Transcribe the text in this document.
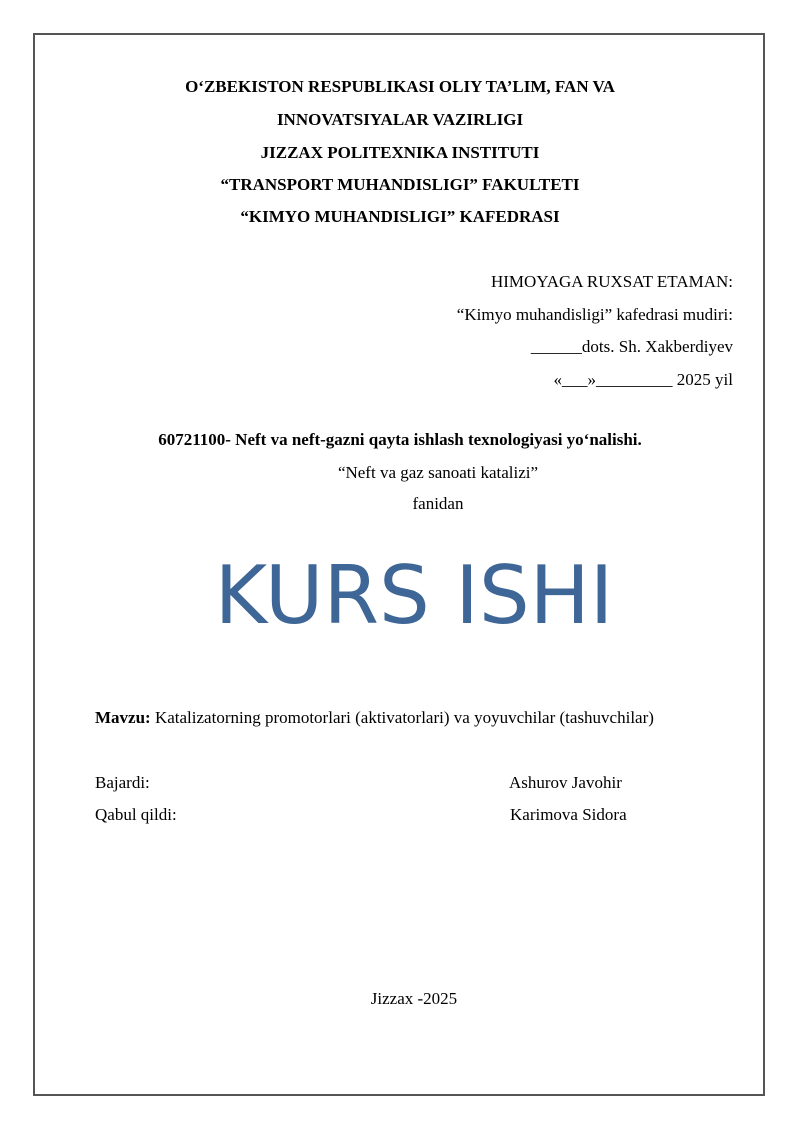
O‘ZBEKISTON RESPUBLIKASI OLIY TA’LIM, FAN VA
INNOVATSIYALAR VAZIRLIGI
JIZZAX POLITEXNIKA INSTITUTI
“TRANSPORT MUHANDISLIGI” FAKULTETI
“KIMYO MUHANDISLIGI” KAFEDRASI
HIMOYAGA RUXSAT ETAMAN:
“Kimyo muhandisligi” kafedrasi mudiri:
______dots. Sh. Xakberdiyev
«___»_________ 2025 yil
60721100- Neft va neft-gazni qayta ishlash texnologiyasi yo‘nalishi.
“Neft va gaz sanoati katalizi”
fanidan
KURS ISHI
Mavzu: Katalizatorning promotorlari (aktivatorlari) va yoyuvchilar (tashuvchilar)
Bajardi:	Ashurov Javohir
Qabul qildi:	Karimova Sidora
Jizzax -2025
